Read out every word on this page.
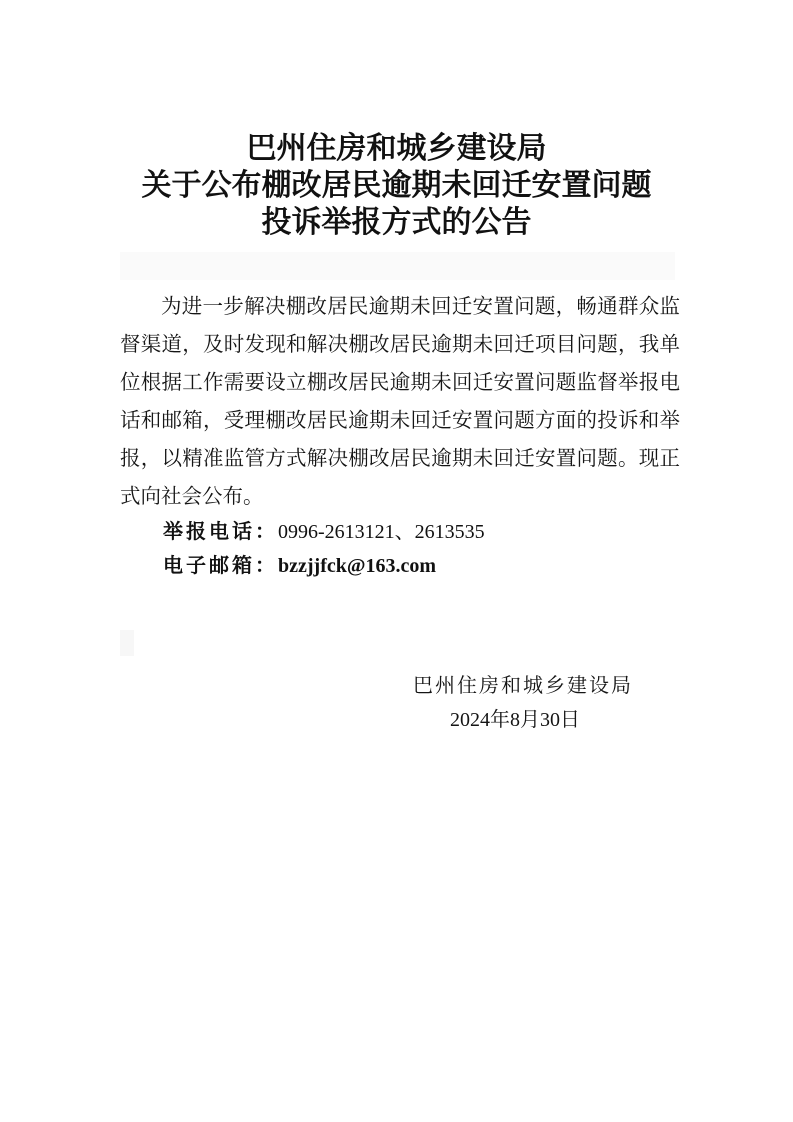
巴州住房和城乡建设局
关于公布棚改居民逾期未回迁安置问题
投诉举报方式的公告

为进一步解决棚改居民逾期未回迁安置问题，畅通群众监督渠道，及时发现和解决棚改居民逾期未回迁项目问题，我单位根据工作需要设立棚改居民逾期未回迁安置问题监督举报电话和邮箱，受理棚改居民逾期未回迁安置问题方面的投诉和举报，以精准监管方式解决棚改居民逾期未回迁安置问题。现正式向社会公布。

举报电话：0996-2613121、2613535
电子邮箱：bzzjjfck@163.com
巴州住房和城乡建设局
2024年8月30日
